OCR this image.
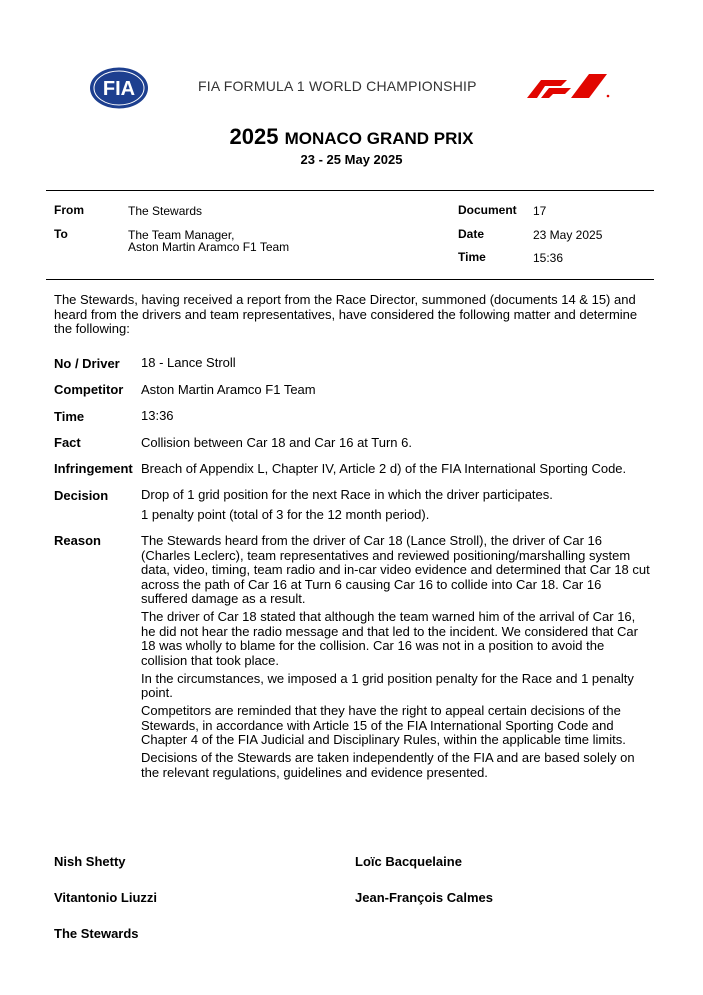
FIA	FIA FORMULA 1 WORLD CHAMPIONSHIP
2025 MONACO GRAND PRIX
23 - 25 May 2025
From	The Stewards
To	The Team Manager,
Aston Martin Aramco F1 Team
Document 17
Date	23 May 2025
Time	15:36
The Stewards, having received a report from the Race Director, summoned (documents 14 & 15) and heard from the drivers and team representatives, have considered the following matter and determine the following:
No / Driver 18 - Lance Stroll
Competitor Aston Martin Aramco F1 Team
Time	13:36
Fact	Collision between Car 18 and Car 16 at Turn 6.
Infringement Breach of Appendix L, Chapter IV, Article 2 d) of the FIA International Sporting Code.
Decision	Drop of 1 grid position for the next Race in which the driver participates.
1 penalty point (total of 3 for the 12 month period).
Reason	The Stewards heard from the driver of Car 18 (Lance Stroll), the driver of Car 16 (Charles Leclerc), team representatives and reviewed positioning/marshalling system data, video, timing, team radio and in-car video evidence and determined that Car 18 cut across the path of Car 16 at Turn 6 causing Car 16 to collide into Car 18. Car 16 suffered damage as a result.

The driver of Car 18 stated that although the team warned him of the arrival of Car 16, he did not hear the radio message and that led to the incident. We considered that Car 18 was wholly to blame for the collision. Car 16 was not in a position to avoid the collision that took place.

In the circumstances, we imposed a 1 grid position penalty for the Race and 1 penalty point.

Competitors are reminded that they have the right to appeal certain decisions of the Stewards, in accordance with Article 15 of the FIA International Sporting Code and Chapter 4 of the FIA Judicial and Disciplinary Rules, within the applicable time limits.

Decisions of the Stewards are taken independently of the FIA and are based solely on the relevant regulations, guidelines and evidence presented.

Nish Shetty	Loïc Bacquelaine
Vitantonio Liuzzi	Jean-François Calmes
The Stewards
